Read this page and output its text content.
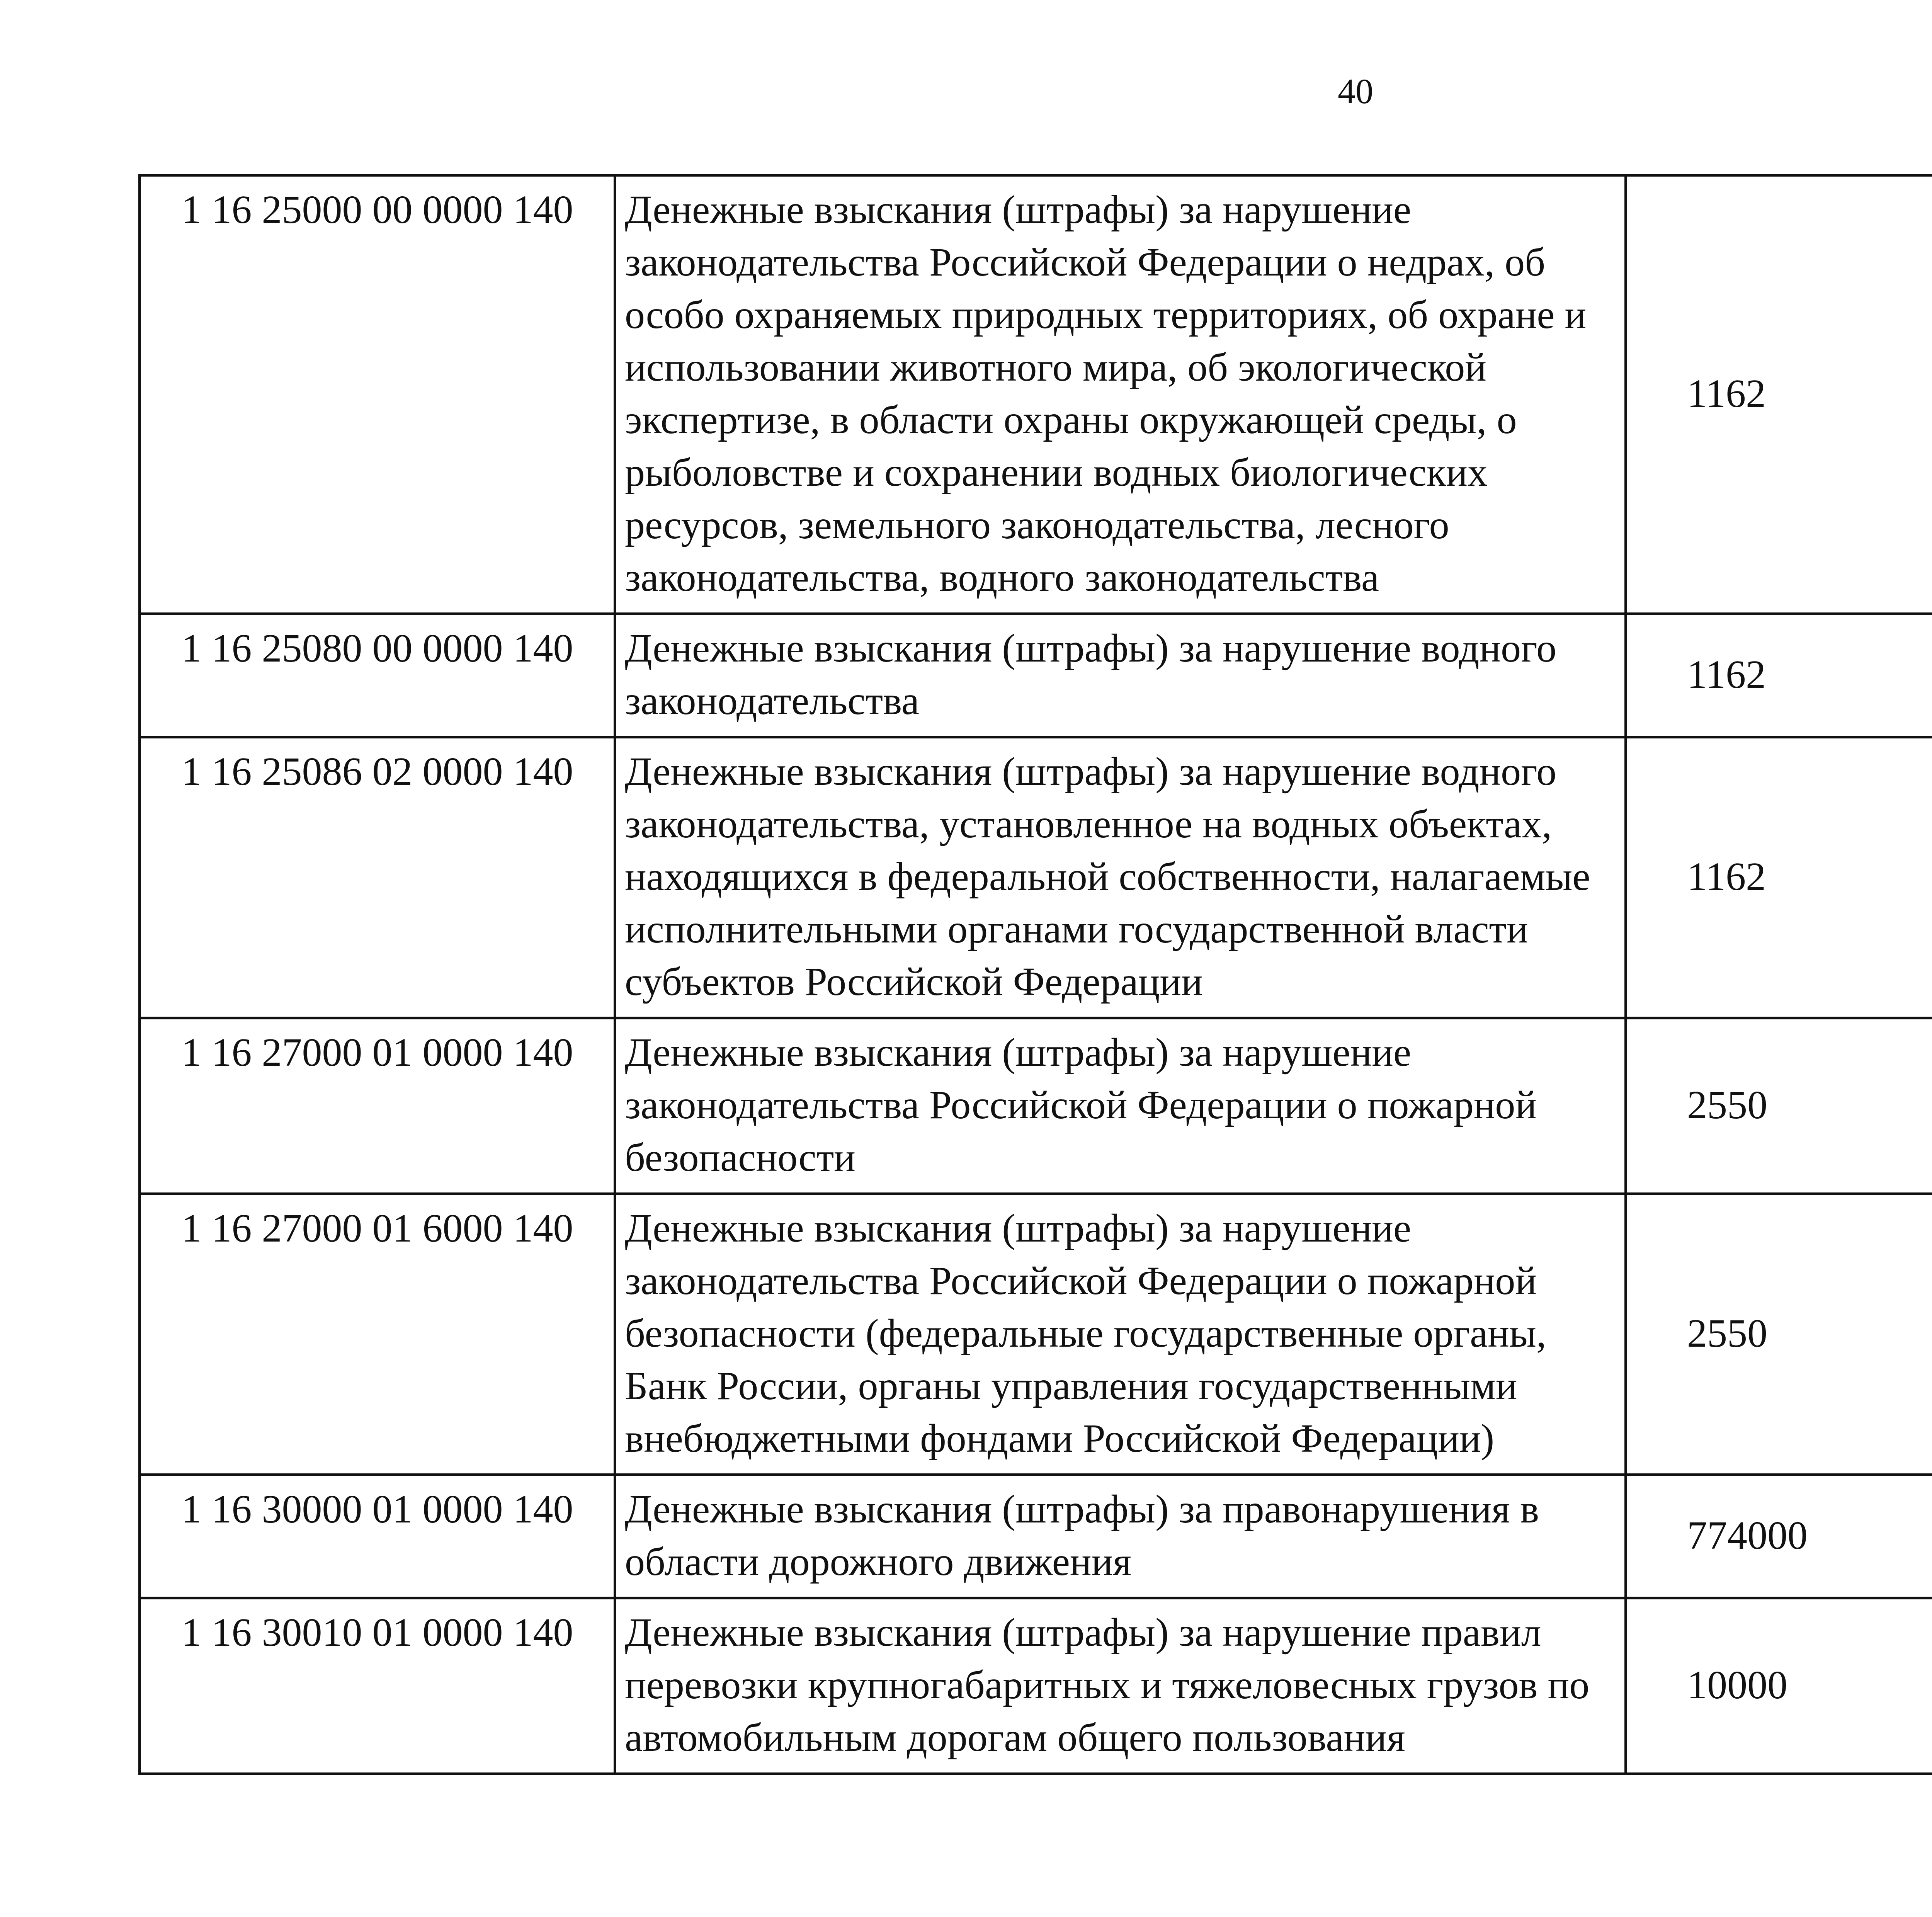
40
1 16 25000 00 0000 140	Денежные взыскания (штрафы) за нарушение законодательства Российской Федерации о недрах, об особо охраняемых природных территориях, об охране и использовании животного мира, об экологической экспертизе, в области охраны окружающей среды, о рыболовстве и сохранении водных биологических ресурсов, земельного законодательства, лесного законодательства, водного законодательства	1162		
1 16 25080 00 0000 140	Денежные взыскания (штрафы) за нарушение водного законодательства	1162		
1 16 25086 02 0000 140	Денежные взыскания (штрафы) за нарушение водного законодательства, установленное на водных объектах, находящихся в федеральной собственности, налагаемые исполнительными органами государственной власти субъектов Российской Федерации	1162		
1 16 27000 01 0000 140	Денежные взыскания (штрафы) за нарушение законодательства Российской Федерации о пожарной безопасности	2550		
1 16 27000 01 6000 140	Денежные взыскания (штрафы) за нарушение законодательства Российской Федерации о пожарной безопасности (федеральные государственные органы, Банк России, органы управления государственными внебюджетными фондами Российской Федерации)	2550		
1 16 30000 01 0000 140	Денежные взыскания (штрафы) за правонарушения в области дорожного движения	774000		
1 16 30010 01 0000 140	Денежные взыскания (штрафы) за нарушение правил перевозки крупногабаритных и тяжеловесных грузов по автомобильным дорогам общего пользования	10000		
